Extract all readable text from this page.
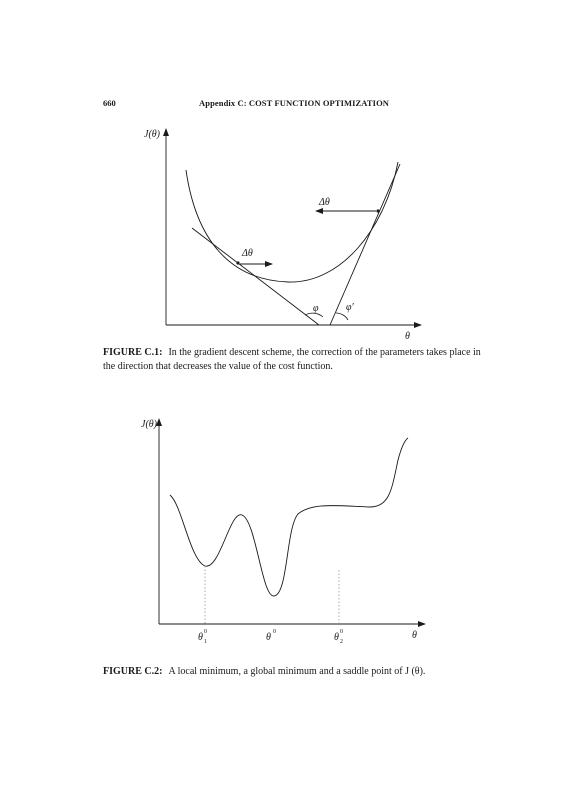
660	Appendix C: COST FUNCTION OPTIMIZATION
J(θ)
θ
Δθ
Δθ
φ	φ′
FIGURE C.1: In the gradient descent scheme, the correction of the parameters takes place in the direction that decreases the value of the cost function.
J(θ)
θ
θ 0
1	θ 0	θ 0
2
FIGURE C.2: A local minimum, a global minimum and a saddle point of J (θ).
